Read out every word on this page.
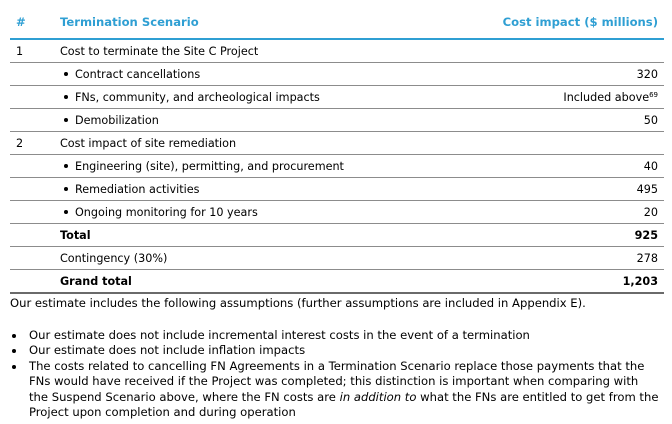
#	Termination Scenario	Cost impact ($ millions)
1	Cost to terminate the Site C Project	
	Contract cancellations	320
	FNs, community, and archeological impacts	Included above$^{69}$
	Demobilization	50
2	Cost impact of site remediation	
	Engineering (site), permitting, and procurement	40
	Remediation activities	495
	Ongoing monitoring for 10 years	20
	Total	925
	Contingency (30%)	278
	Grand total	1,203
Our estimate includes the following assumptions (further assumptions are included in Appendix E).
Our estimate does not include incremental interest costs in the event of a termination
Our estimate does not include inflation impacts
The costs related to cancelling FN Agreements in a Termination Scenario replace those payments that the FNs would have received if the Project was completed; this distinction is important when comparing with the Suspend Scenario above, where the FN costs are in addition to what the FNs are entitled to get from the Project upon completion and during operation
